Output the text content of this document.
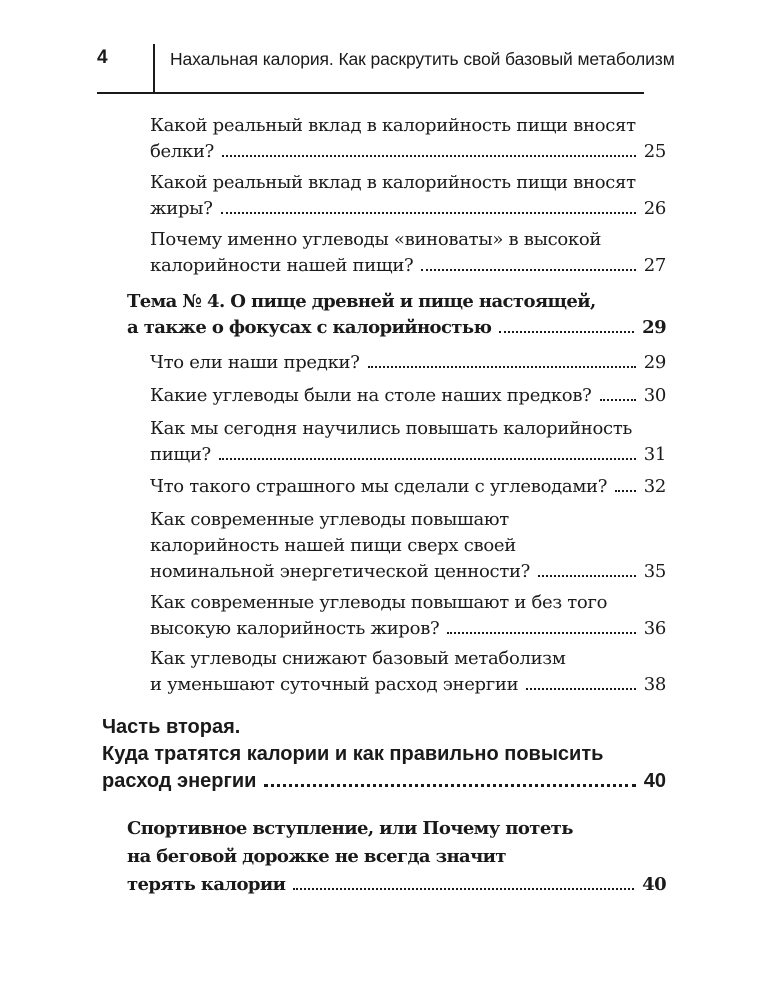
4	Нахальная калория. Как раскрутить свой базовый метаболизм
Какой реальный вклад в калорийность пищи вносят
белки?	25
Какой реальный вклад в калорийность пищи вносят
жиры?	26
Почему именно углеводы «виноваты» в высокой
калорийности нашей пищи?	27
Тема № 4. О пище древней и пище настоящей,
а также о фокусах с калорийностью	29
Что ели наши предки?	29
Какие углеводы были на столе наших предков?	30
Как мы сегодня научились повышать калорийность
пищи?	31
Что такого страшного мы сделали с углеводами? 32
Как современные углеводы повышают
калорийность нашей пищи сверх своей
номинальной энергетической ценности?	35
Как современные углеводы повышают и без того
высокую калорийность жиров?	36
Как углеводы снижают базовый метаболизм
и уменьшают суточный расход энергии	38
Часть вторая.
Куда тратятся калории и как правильно повысить
расход энергии	40
Спортивное вступление, или Почему потеть
на беговой дорожке не всегда значит
терять калории	40
